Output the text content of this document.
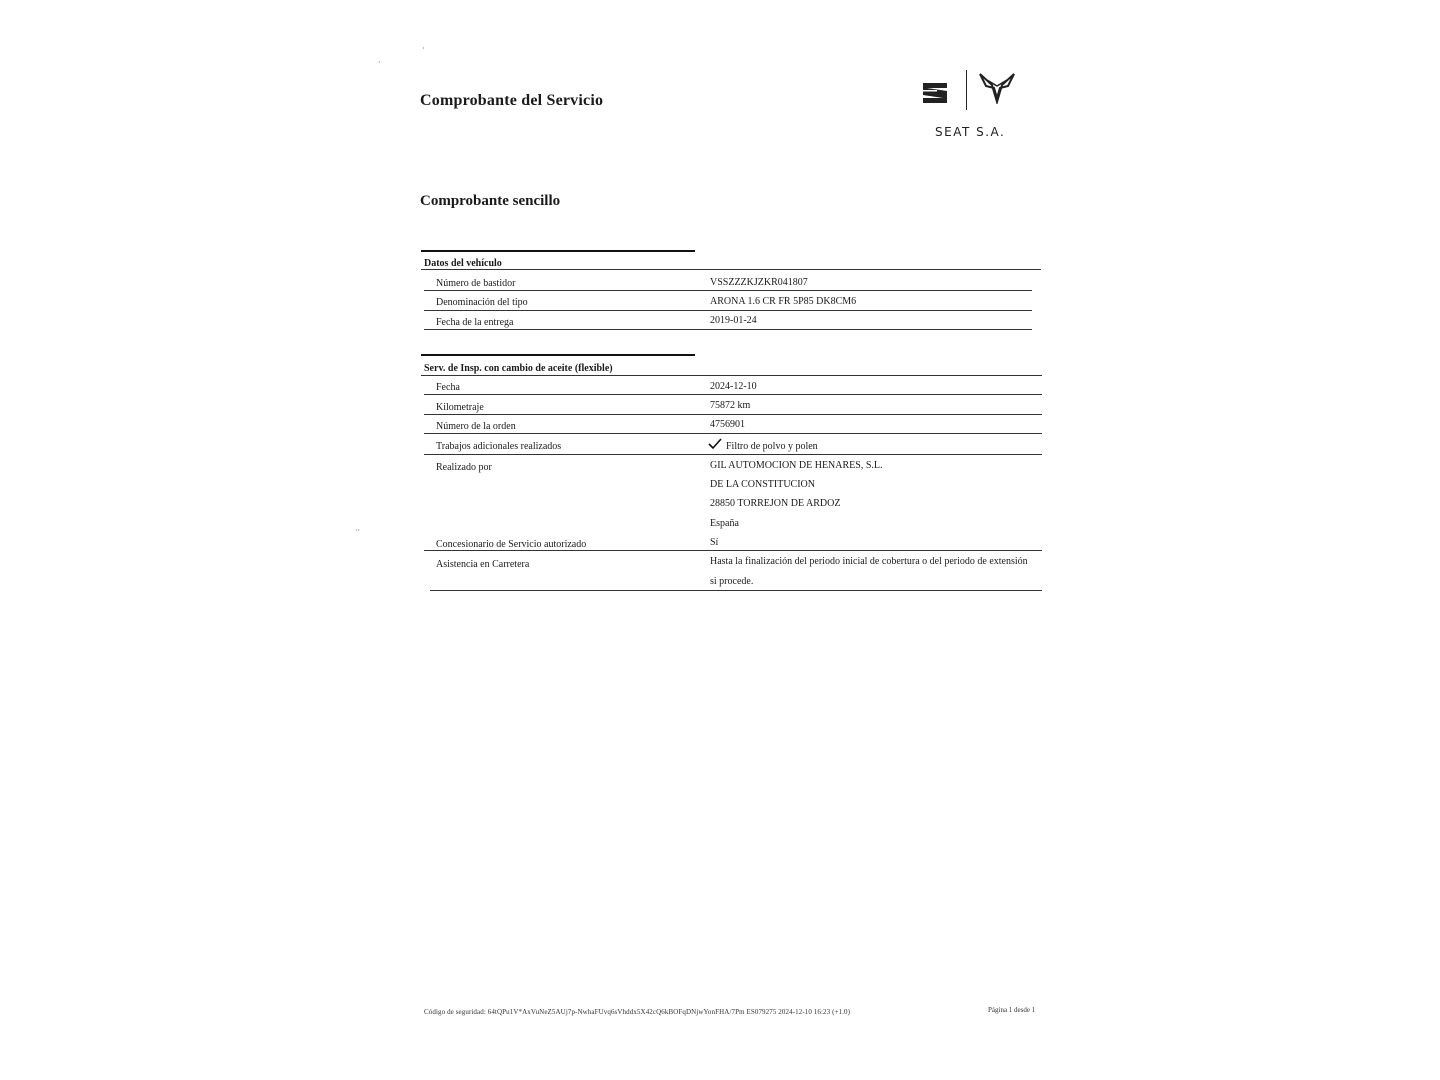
·
·
··
Comprobante del Servicio
SEAT S.A.
Comprobante sencillo
Datos del vehículo
Número de bastidor	VSSZZZKJZKR041807
Denominación del tipo	ARONA 1.6 CR FR 5P85 DK8CM6
Fecha de la entrega	2019-01-24
Serv. de Insp. con cambio de aceite (flexible)
Fecha	2024-12-10
Kilometraje	75872 km
Número de la orden	4756901
Trabajos adicionales realizados	Filtro de polvo y polen
Realizado por	GIL AUTOMOCION DE HENARES, S.L.
DE LA CONSTITUCION
28850 TORREJON DE ARDOZ
España
Concesionario de Servicio autorizado	Sí
Asistencia en Carretera	Hasta la finalización del periodo inicial de cobertura o del periodo de extensión
si procede.
Código de seguridad: 64tQPu1V*AxVuNeZ5AUj7p-NwhaFUvq6sVhddx5X42cQ6kBOFqDNjwYonFHA/7Pm ES079275 2024-12-10 16:23 (+1.0)	Página 1 desde 1
